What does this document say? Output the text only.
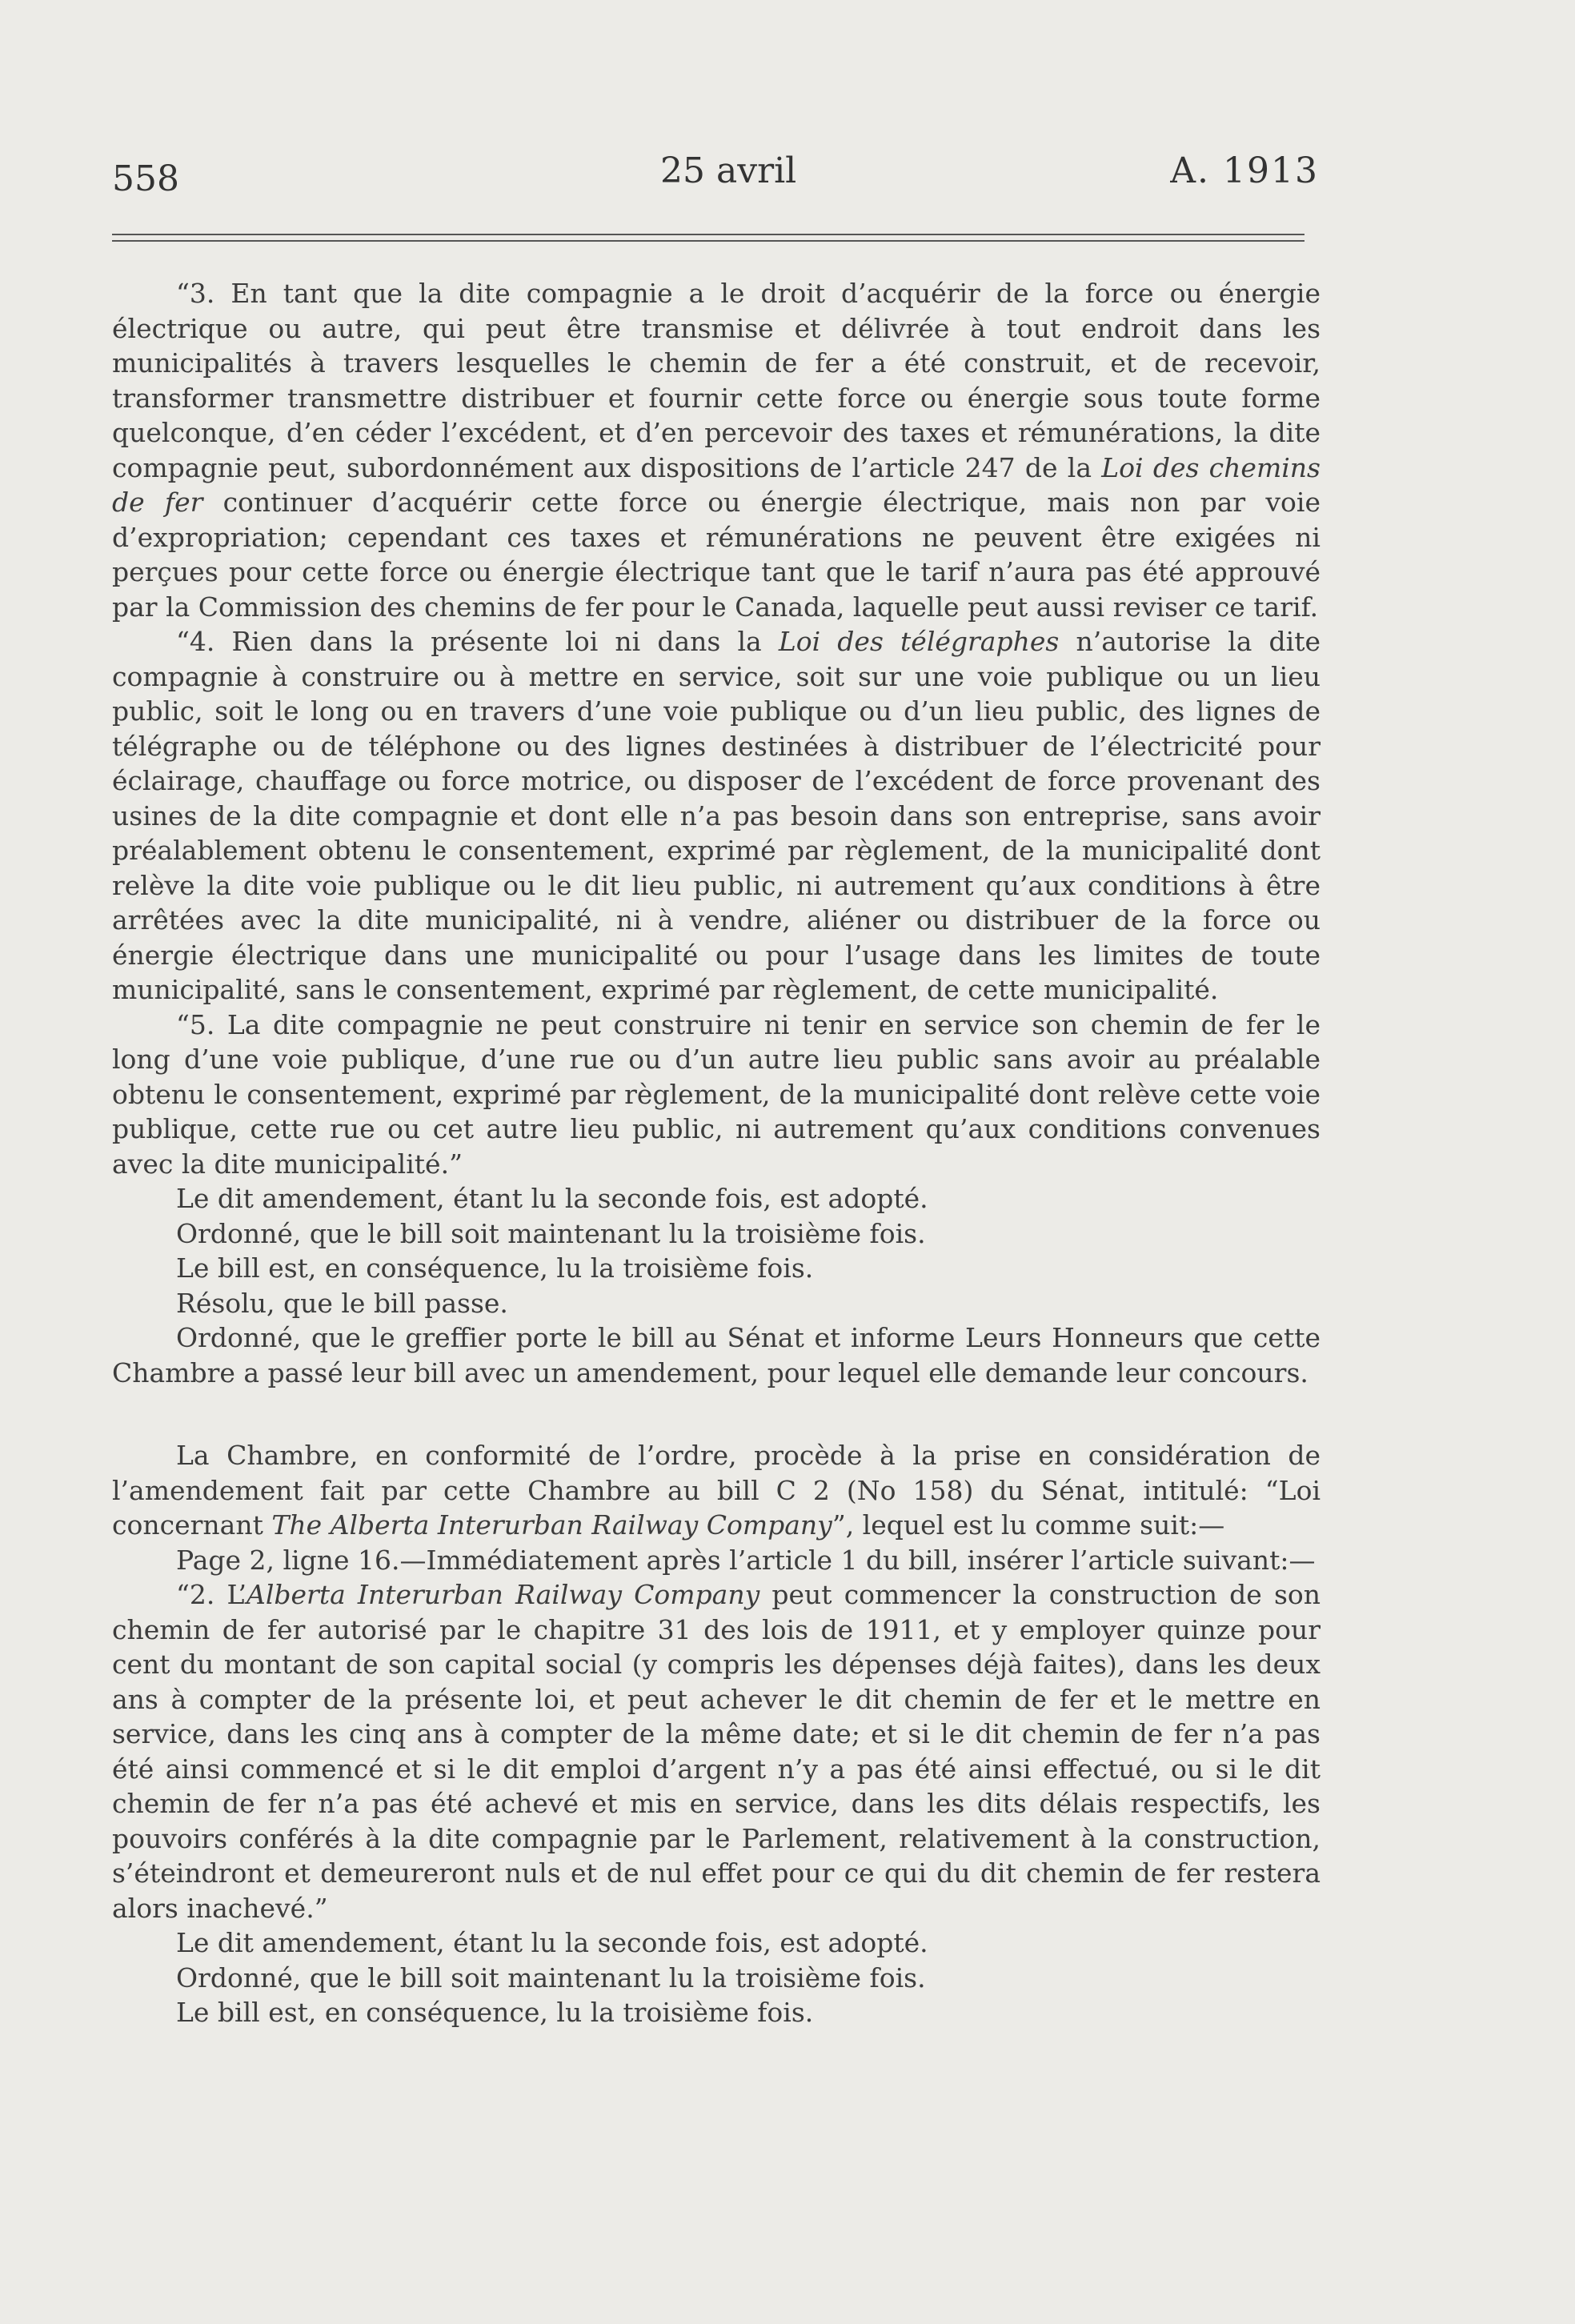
558	25 avril	A. 1913

“3. En tant que la dite compagnie a le droit d’acquérir de la force ou énergie électrique ou autre, qui peut être transmise et délivrée à tout endroit dans les municipalités à travers lesquelles le chemin de fer a été construit, et de recevoir, transformer transmettre distribuer et fournir cette force ou énergie sous toute forme quelconque, d’en céder l’excédent, et d’en percevoir des taxes et rémunérations, la dite compagnie peut, subordonnément aux dispositions de l’article 247 de la Loi des chemins de fer continuer d’acquérir cette force ou énergie électrique, mais non par voie d’expropriation; cependant ces taxes et rémunérations ne peuvent être exigées ni perçues pour cette force ou énergie électrique tant que le tarif n’aura pas été approuvé par la Commission des chemins de fer pour le Canada, laquelle peut aussi reviser ce tarif.

“4. Rien dans la présente loi ni dans la Loi des télégraphes n’autorise la dite compagnie à construire ou à mettre en service, soit sur une voie publique ou un lieu public, soit le long ou en travers d’une voie publique ou d’un lieu public, des lignes de télégraphe ou de téléphone ou des lignes destinées à distribuer de l’électricité pour éclairage, chauffage ou force motrice, ou disposer de l’excédent de force provenant des usines de la dite compagnie et dont elle n’a pas besoin dans son entreprise, sans avoir préalablement obtenu le consentement, exprimé par règlement, de la municipalité dont relève la dite voie publique ou le dit lieu public, ni autrement qu’aux conditions à être arrêtées avec la dite municipalité, ni à vendre, aliéner ou distribuer de la force ou énergie électrique dans une municipalité ou pour l’usage dans les limites de toute municipalité, sans le consentement, exprimé par règlement, de cette municipalité.

“5. La dite compagnie ne peut construire ni tenir en service son chemin de fer le long d’une voie publique, d’une rue ou d’un autre lieu public sans avoir au préalable obtenu le consentement, exprimé par règlement, de la municipalité dont relève cette voie publique, cette rue ou cet autre lieu public, ni autrement qu’aux conditions convenues avec la dite municipalité.”

Le dit amendement, étant lu la seconde fois, est adopté.

Ordonné, que le bill soit maintenant lu la troisième fois.

Le bill est, en conséquence, lu la troisième fois.

Résolu, que le bill passe.

Ordonné, que le greffier porte le bill au Sénat et informe Leurs Honneurs que cette Chambre a passé leur bill avec un amendement, pour lequel elle demande leur concours.

La Chambre, en conformité de l’ordre, procède à la prise en considération de l’amendement fait par cette Chambre au bill C 2 (No 158) du Sénat, intitulé: “Loi concernant The Alberta Interurban Railway Company”, lequel est lu comme suit:—

Page 2, ligne 16.—Immédiatement après l’article 1 du bill, insérer l’article suivant:—

“2. L’Alberta Interurban Railway Company peut commencer la construction de son chemin de fer autorisé par le chapitre 31 des lois de 1911, et y employer quinze pour cent du montant de son capital social (y compris les dépenses déjà faites), dans les deux ans à compter de la présente loi, et peut achever le dit chemin de fer et le mettre en service, dans les cinq ans à compter de la même date; et si le dit chemin de fer n’a pas été ainsi commencé et si le dit emploi d’argent n’y a pas été ainsi effectué, ou si le dit chemin de fer n’a pas été achevé et mis en service, dans les dits délais respectifs, les pouvoirs conférés à la dite compagnie par le Parlement, relativement à la construction, s’éteindront et demeureront nuls et de nul effet pour ce qui du dit chemin de fer restera alors inachevé.”

Le dit amendement, étant lu la seconde fois, est adopté.

Ordonné, que le bill soit maintenant lu la troisième fois.

Le bill est, en conséquence, lu la troisième fois.
